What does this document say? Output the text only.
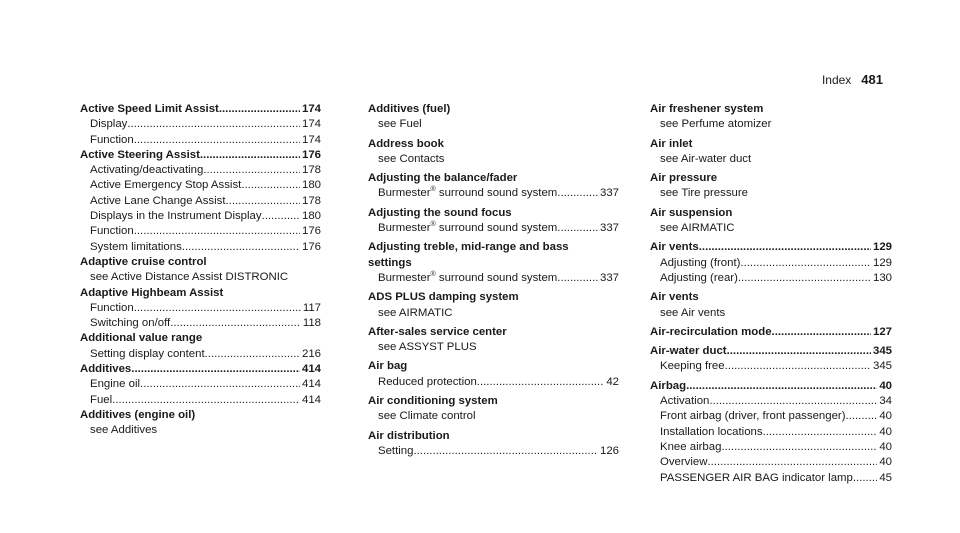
Index 481
Active Speed Limit Assist .....	174
Display .....	174
Function .....	174
Active Steering Assist .....	176
Activating/deactivating .....	178
Active Emergency Stop Assist .....	180
Active Lane Change Assist .....	178
Displays in the Instrument Display .....	180
Function .....	176
System limitations .....	176
Adaptive cruise control
see Active Distance Assist DISTRONIC
Adaptive Highbeam Assist
Function .....	117
Switching on/off .....	118
Additional value range
Setting display content .....	216
Additives .....	414
Engine oil .....	414
Fuel .....	414
Additives (engine oil)
see Additives
Additives (fuel)
see Fuel
Address book
see Contacts
Adjusting the balance/fader
Burmester® surround sound system .....	337
Adjusting the sound focus
Burmester® surround sound system .....	337
Adjusting treble, mid-range and bass
settings
Burmester® surround sound system .....	337
ADS PLUS damping system
see AIRMATIC
After-sales service center
see ASSYST PLUS
Air bag
Reduced protection .....	42
Air conditioning system
see Climate control
Air distribution
Setting .....	126
Air freshener system
see Perfume atomizer
Air inlet
see Air-water duct
Air pressure
see Tire pressure
Air suspension
see AIRMATIC
Air vents .....	129
Adjusting (front) .....	129
Adjusting (rear) .....	130
Air vents
see Air vents
Air-recirculation mode .....	127
Air-water duct .....	345
Keeping free .....	345
Airbag .....	40
Activation .....	34
Front airbag (driver, front passenger) .....	40
Installation locations .....	40
Knee airbag .....	40
Overview .....	40
PASSENGER AIR BAG indicator lamp ..... 45
